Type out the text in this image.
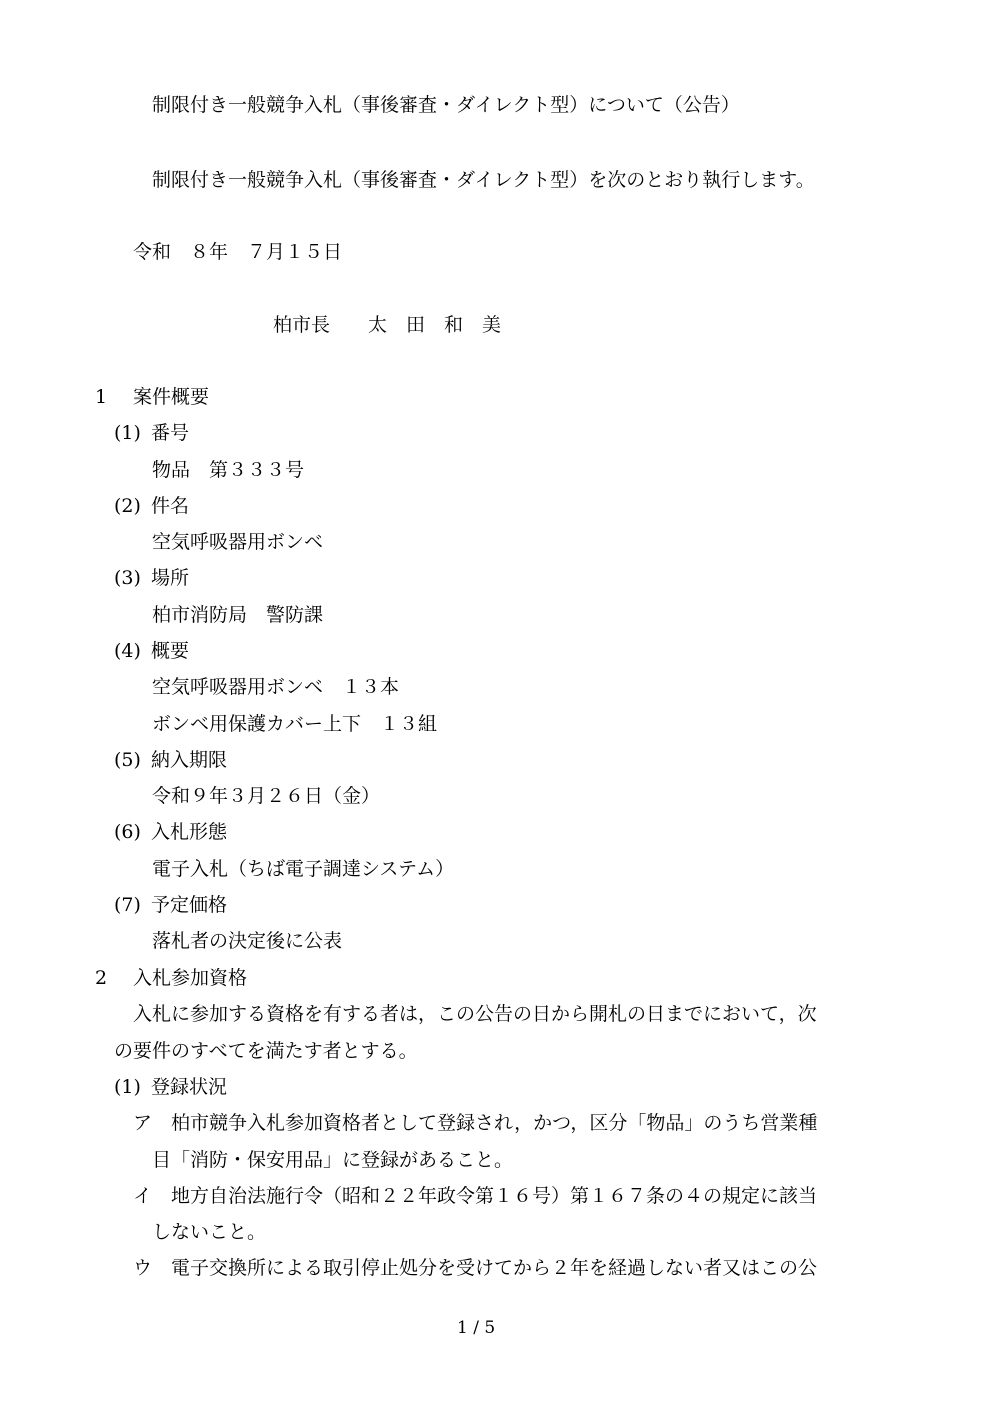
制限付き一般競争入札（事後審査・ダイレクト型）について（公告）
制限付き一般競争入札（事後審査・ダイレクト型）を次のとおり執行します。
令和　８年　７月１５日
柏市長　　太　田　和　美
1 案件概要
(1) 番号
物品　第３３３号
(2) 件名
空気呼吸器用ボンベ
(3) 場所
柏市消防局　警防課
(4) 概要
空気呼吸器用ボンベ　１３本
ボンベ用保護カバー上下　１３組
(5) 納入期限
令和９年３月２６日（金）
(6) 入札形態
電子入札（ちば電子調達システム）
(7) 予定価格
落札者の決定後に公表
2 入札参加資格
入札に参加する資格を有する者は，この公告の日から開札の日までにおいて，次
の要件のすべてを満たす者とする。
(1) 登録状況
ア 柏市競争入札参加資格者として登録され，かつ，区分「物品」のうち営業種
目「消防・保安用品」に登録があること。
イ 地方自治法施行令（昭和２２年政令第１６号）第１６７条の４の規定に該当
しないこと。
ウ 電子交換所による取引停止処分を受けてから２年を経過しない者又はこの公
1 / 5
